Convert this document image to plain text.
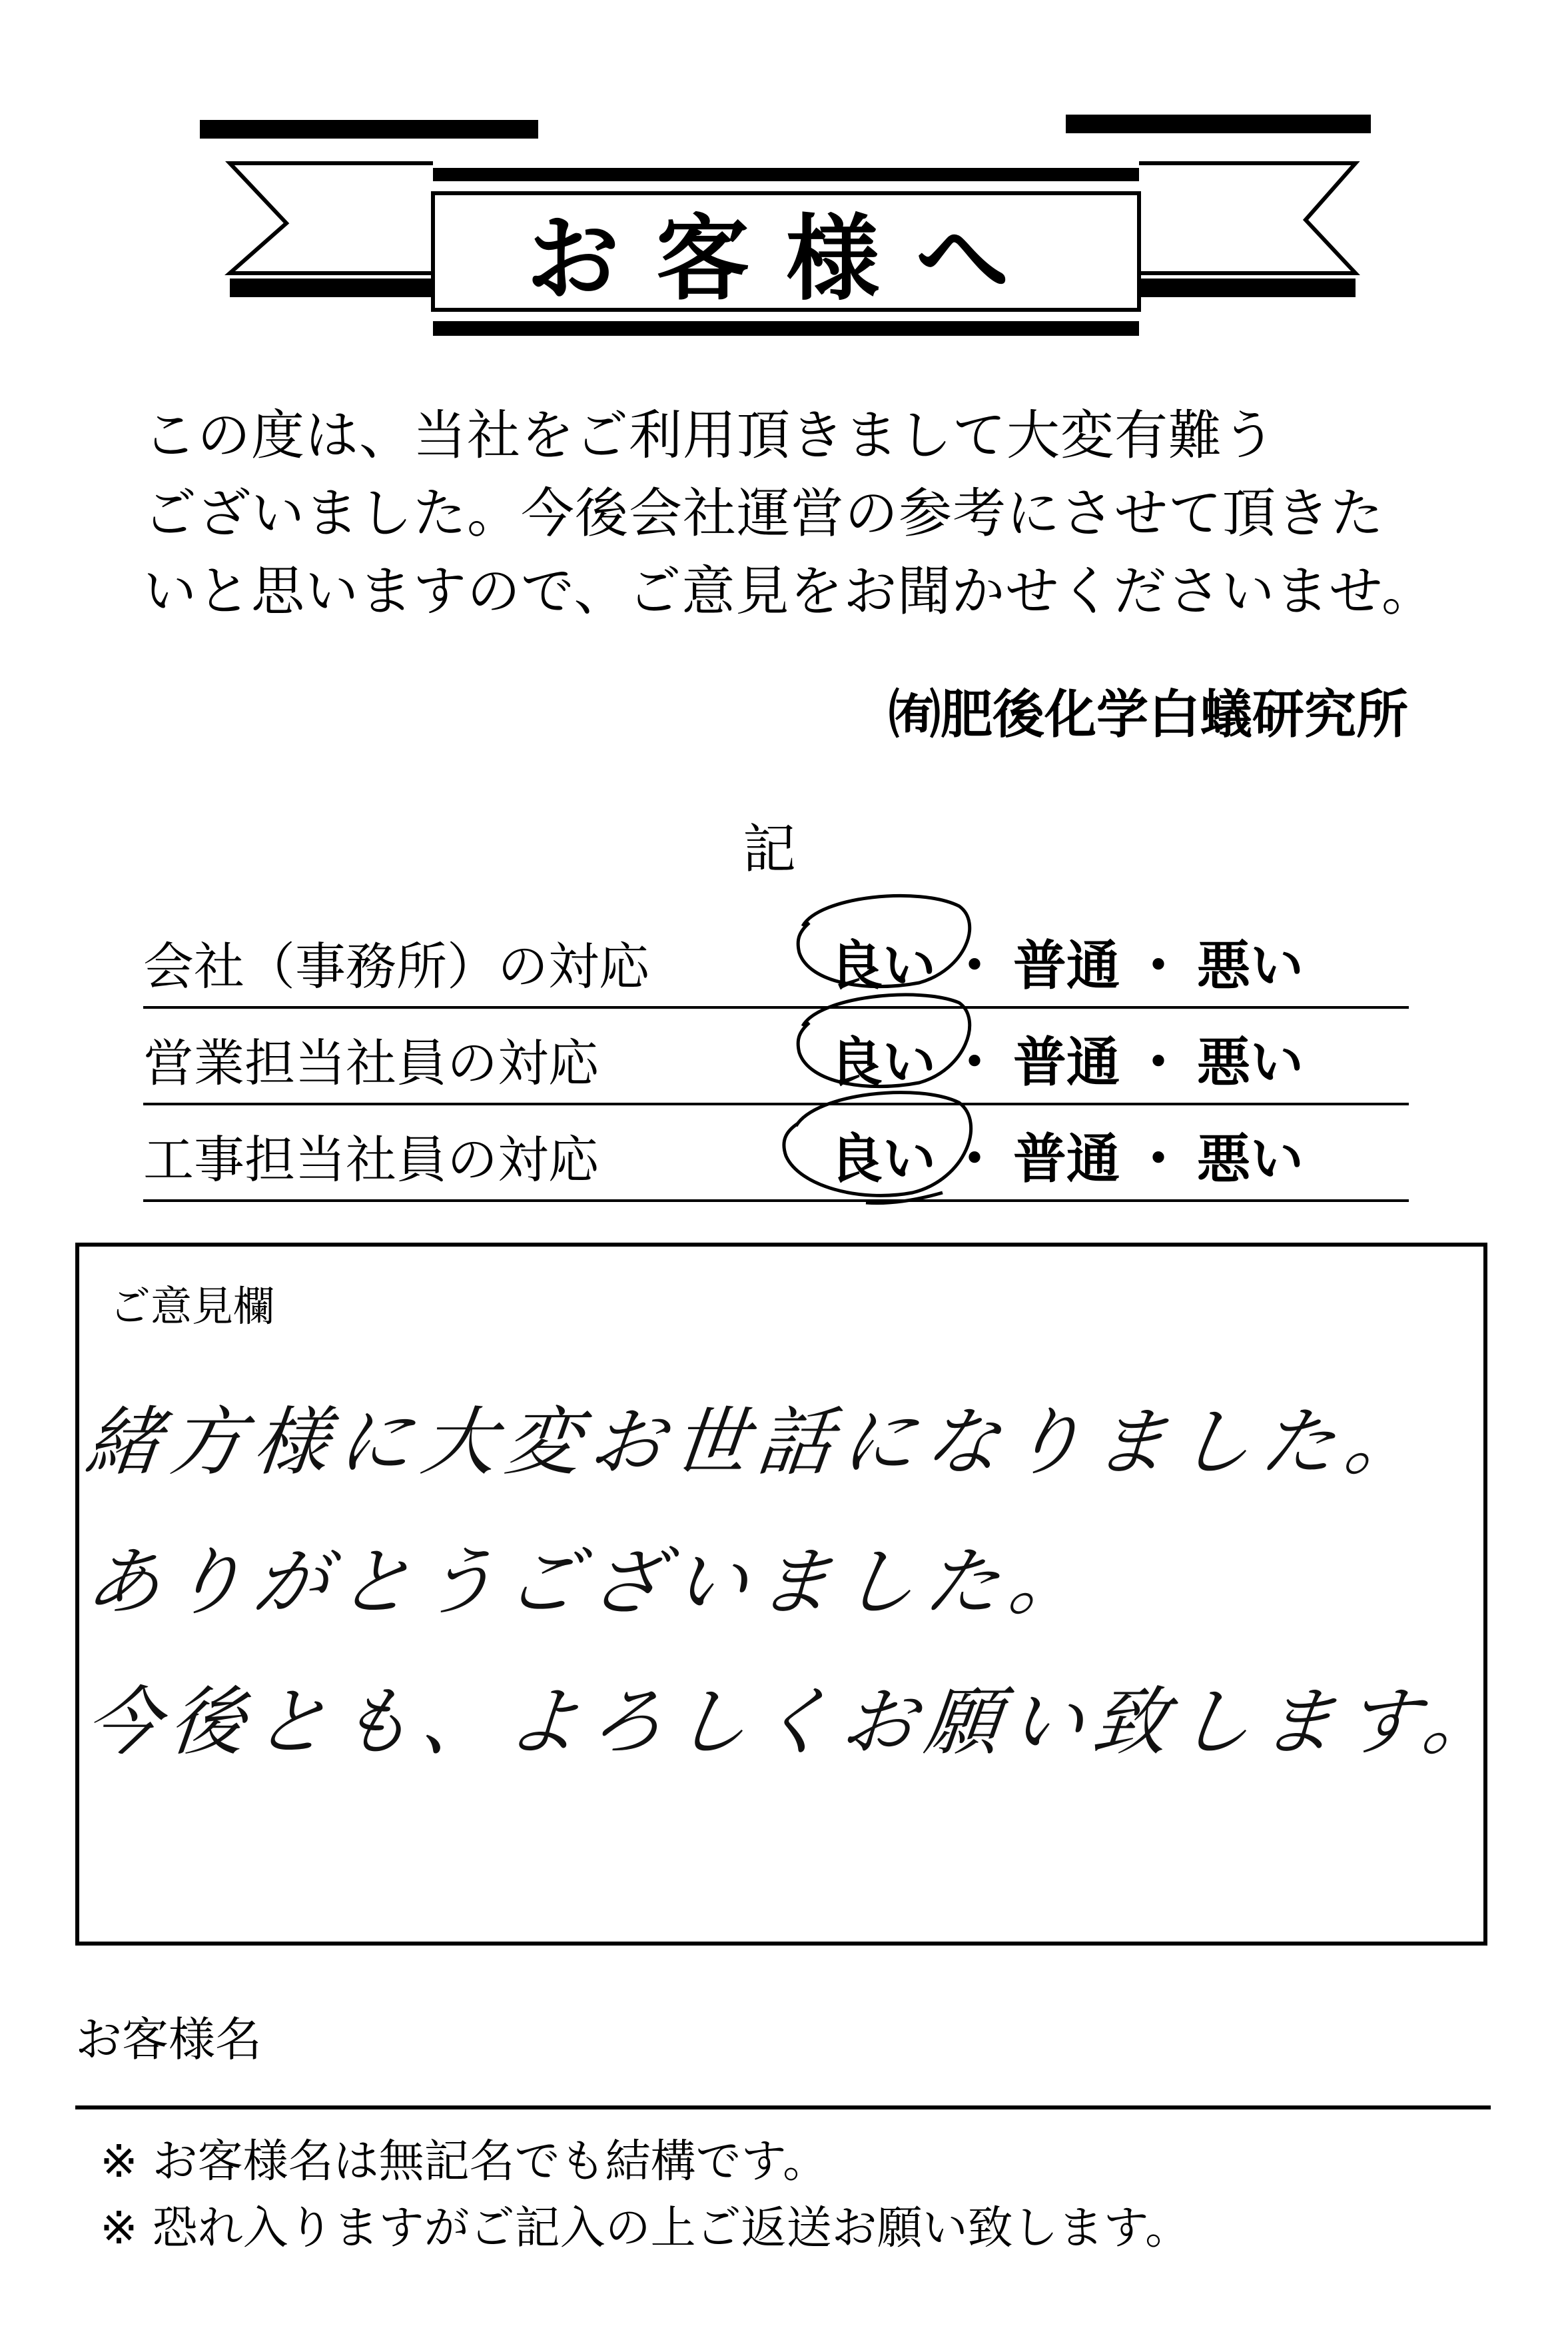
お客様へ
この度は、当社をご利用頂きまして大変有難う
ございました。今後会社運営の参考にさせて頂きた
いと思いますので、ご意見をお聞かせくださいませ。
㈲肥後化学白蟻研究所
記
会社（事務所）の対応	良い ・ 普通 ・ 悪い
営業担当社員の対応	良い ・ 普通 ・ 悪い
工事担当社員の対応	良い ・ 普通 ・ 悪い
ご意見欄
緒方様に大変お世話になりました。
ありがとうございました。
今後とも、よろしくお願い致します。
お客様名
※ お客様名は無記名でも結構です。
※ 恐れ入りますがご記入の上ご返送お願い致します。
